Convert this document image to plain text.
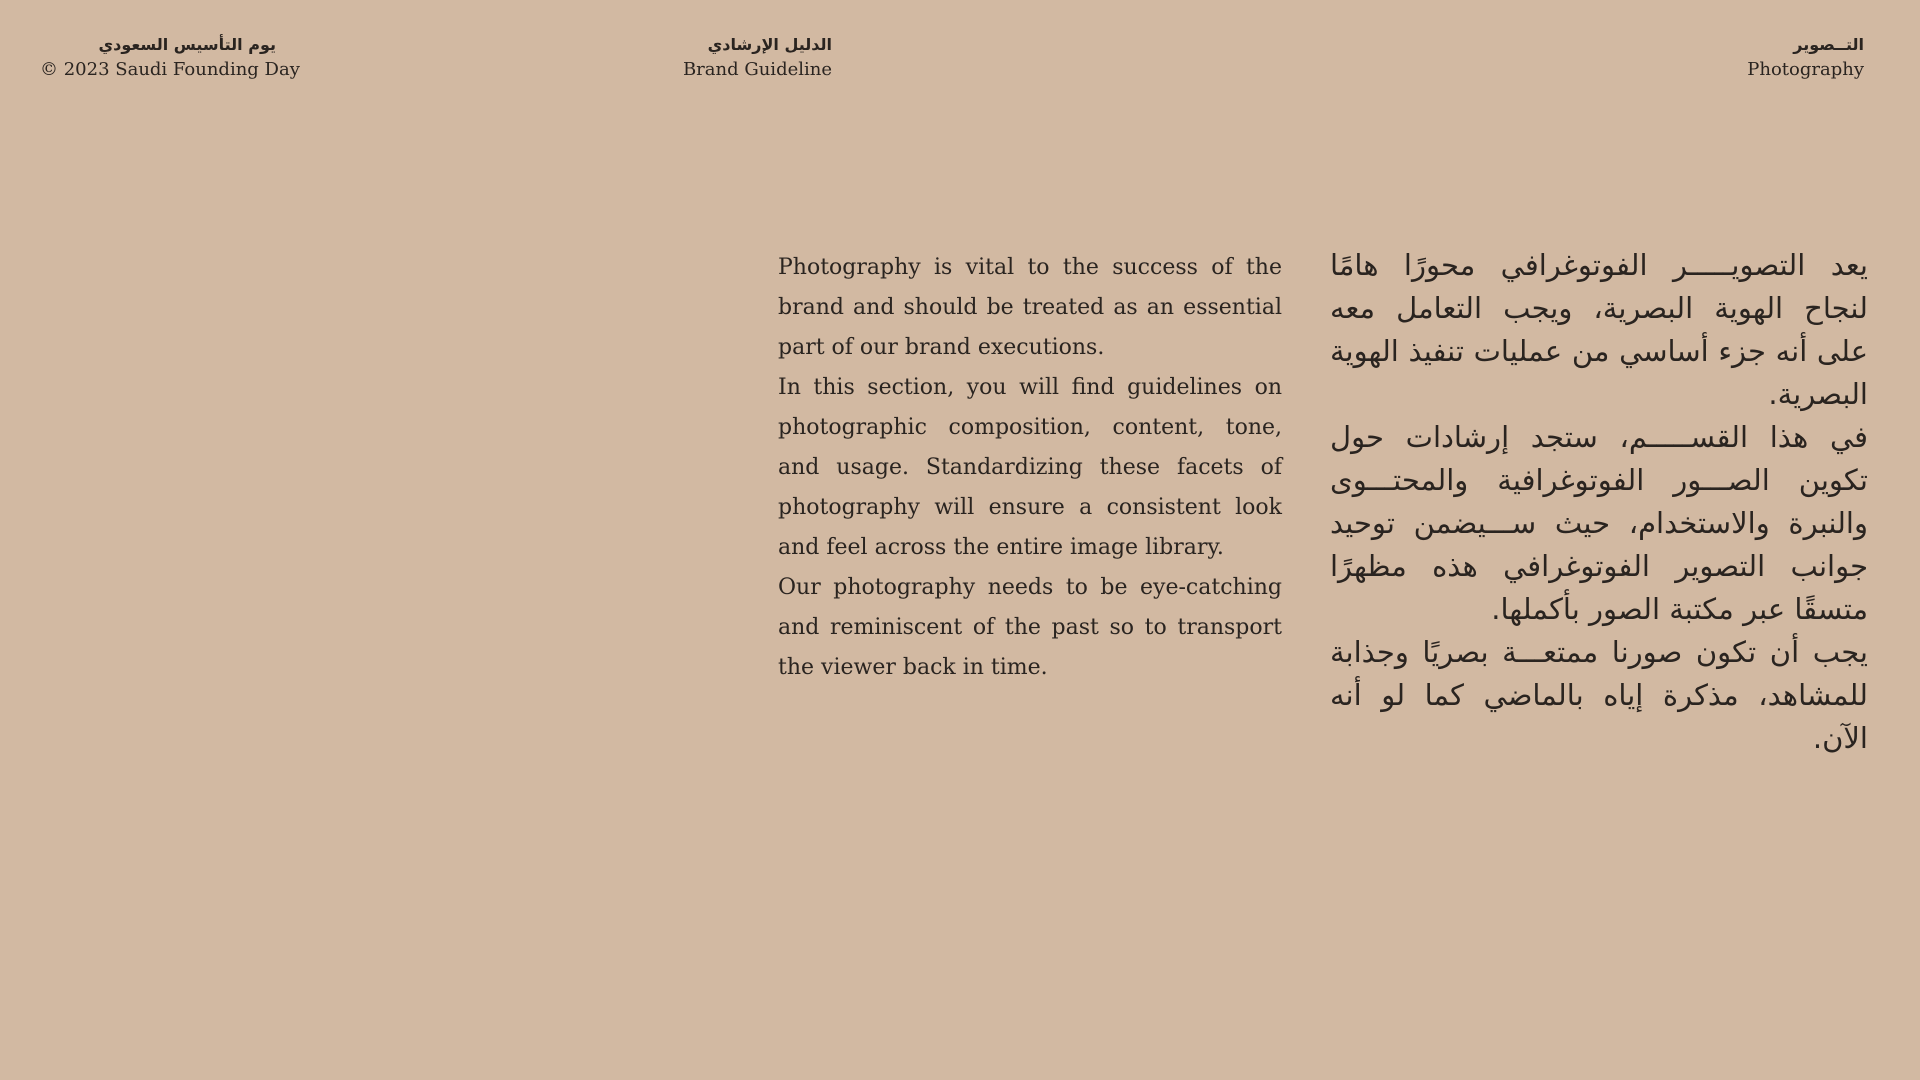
يوم التأسيس السعودي
© 2023 Saudi Founding Day
الدليل الإرشادي
Brand Guideline
التــصوير
Photography

Photography is vital to the success of the brand and should be treated as an essential part of our brand executions.

In this section, you will find guidelines on photographic composition, content, tone, and usage. Standardizing these facets of photography will ensure a consistent look and feel across the entire image library.

Our photography needs to be eye-catching and reminiscent of the past so to transport the viewer back in time.

يعد التصويـــــر الفوتوغرافي محورًا هامًا لنجاح الهوية البصرية، ويجب التعامل معه على أنه جزء أساسي من عمليات تنفيذ الهوية البصرية.

في هذا القســـــم، ستجد إرشادات حول تكوين الصـــور الفوتوغرافية والمحتـــوى والنبرة والاستخدام، حيث ســـيضمن توحيد جوانب التصوير الفوتوغرافي هذه مظهرًا متسقًا عبر مكتبة الصور بأكملها.

يجب أن تكون صورنا ممتعـــة بصريًا وجذابة للمشاهد، مذكرة إياه بالماضي كما لو أنه الآن.
